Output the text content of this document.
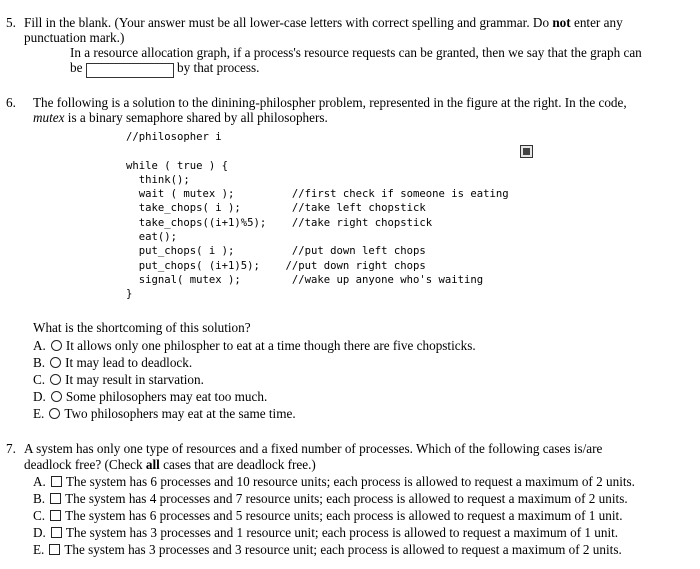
5. Fill in the blank. (Your answer must be all lower-case letters with correct spelling and grammar. Do not enter any
punctuation mark.)
In a resource allocation graph, if a process's resource requests can be granted, then we say that the graph can
be	by that process.
6. The following is a solution to the dinining-philospher problem, represented in the figure at the right. In the code,
mutex is a binary semaphore shared by all philosophers.
//philosopher i
while ( true ) {
think();
wait ( mutex );         //first check if someone is eating
take_chops( i );        //take left chopstick
take_chops((i+1)%5);    //take right chopstick
eat();
put_chops( i );         //put down left chops
put_chops( (i+1)5);    //put down right chops
signal( mutex );        //wake up anyone who's waiting
}
What is the shortcoming of this solution?
A. It allows only one philospher to eat at a time though there are five chopsticks.
B. It may lead to deadlock.
C. It may result in starvation.
D. Some philosophers may eat too much.
E. Two philosophers may eat at the same time.
7. A system has only one type of resources and a fixed number of processes. Which of the following cases is/are
deadlock free? (Check all cases that are deadlock free.)
A. The system has 6 processes and 10 resource units; each process is allowed to request a maximum of 2 units.
B. The system has 4 processes and 7 resource units; each process is allowed to request a maximum of 2 units.
C. The system has 6 processes and 5 resource units; each process is allowed to request a maximum of 1 unit.
D. The system has 3 processes and 1 resource unit; each process is allowed to request a maximum of 1 unit.
E. The system has 3 processes and 3 resource unit; each process is allowed to request a maximum of 2 units.
